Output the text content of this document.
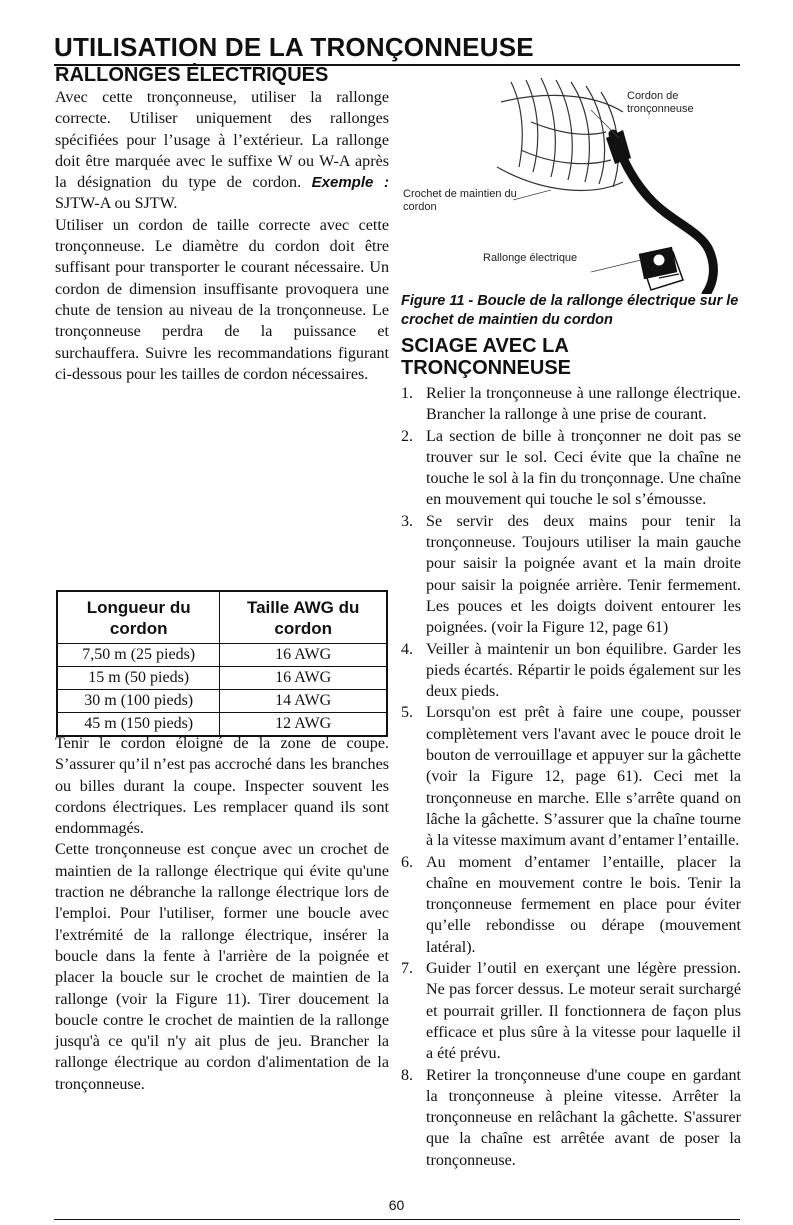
UTILISATION DE LA TRONÇONNEUSE
RALLONGES ÉLECTRIQUES

Avec cette tronçonneuse, utiliser la rallonge correcte. Utiliser uniquement des rallonges spécifiées pour l’usage à l’extérieur. La rallonge doit être marquée avec le suffixe W ou W-A après la désignation du type de cordon. Exemple : SJTW-A ou SJTW.

Utiliser un cordon de taille correcte avec cette tronçonneuse. Le diamètre du cordon doit être suffisant pour transporter le courant nécessaire. Un cordon de dimension insuffisante provoquera une chute de tension au niveau de la tronçonneuse. Le tronçonneuse perdra de la puissance et surchauffera. Suivre les recommandations figurant ci-dessous pour les tailles de cordon nécessaires.

Longueur du cordon	Taille AWG du cordon
7,50 m (25 pieds)	16 AWG
15 m (50 pieds)	16 AWG
30 m (100 pieds)	14 AWG
45 m (150 pieds)	12 AWG

Tenir le cordon éloigné de la zone de coupe. S’assurer qu’il n’est pas accroché dans les branches ou billes durant la coupe. Inspecter souvent les cordons électriques. Les remplacer quand ils sont endommagés.

Cette tronçonneuse est conçue avec un crochet de maintien de la rallonge électrique qui évite qu'une traction ne débranche la rallonge électrique lors de l'emploi. Pour l'utiliser, former une boucle avec l'extrémité de la rallonge électrique, insérer la boucle dans la fente à l'arrière de la poignée et placer la boucle sur le crochet de maintien de la rallonge (voir la Figure 11). Tirer doucement la boucle contre le crochet de maintien de la rallonge jusqu'à ce qu'il n'y ait plus de jeu. Brancher la rallonge électrique au cordon d'alimentation de la tronçonneuse.

Cordon de tronçonneuse
Crochet de maintien du cordon
Rallonge électrique
Figure 11 - Boucle de la rallonge électrique sur le crochet de maintien du cordon
SCIAGE AVEC LA TRONÇONNEUSE
1. Relier la tronçonneuse à une rallonge électrique. Brancher la rallonge à une prise de courant.
2. La section de bille à tronçonner ne doit pas se trouver sur le sol. Ceci évite que la chaîne ne touche le sol à la fin du tronçonnage. Une chaîne en mouvement qui touche le sol s’émousse.
3. Se servir des deux mains pour tenir la tronçonneuse. Toujours utiliser la main gauche pour saisir la poignée avant et la main droite pour saisir la poignée arrière. Tenir fermement. Les pouces et les doigts doivent entourer les poignées. (voir la Figure 12, page 61)
4. Veiller à maintenir un bon équilibre. Garder les pieds écartés. Répartir le poids également sur les deux pieds.
5. Lorsqu'on est prêt à faire une coupe, pousser complètement vers l'avant avec le pouce droit le bouton de verrouillage et appuyer sur la gâchette (voir la Figure 12, page 61). Ceci met la tronçonneuse en marche. Elle s’arrête quand on lâche la gâchette. S’assurer que la chaîne tourne à la vitesse maximum avant d’entamer l’entaille.
6. Au moment d’entamer l’entaille, placer la chaîne en mouvement contre le bois. Tenir la tronçonneuse fermement en place pour éviter qu’elle rebondisse ou dérape (mouvement latéral).
7. Guider l’outil en exerçant une légère pression. Ne pas forcer dessus. Le moteur serait surchargé et pourrait griller. Il fonctionnera de façon plus efficace et plus sûre à la vitesse pour laquelle il a été prévu.
8. Retirer la tronçonneuse d'une coupe en gardant la tronçonneuse à pleine vitesse. Arrêter la tronçonneuse en relâchant la gâchette. S'assurer que la chaîne est arrêtée avant de poser la tronçonneuse.
60
